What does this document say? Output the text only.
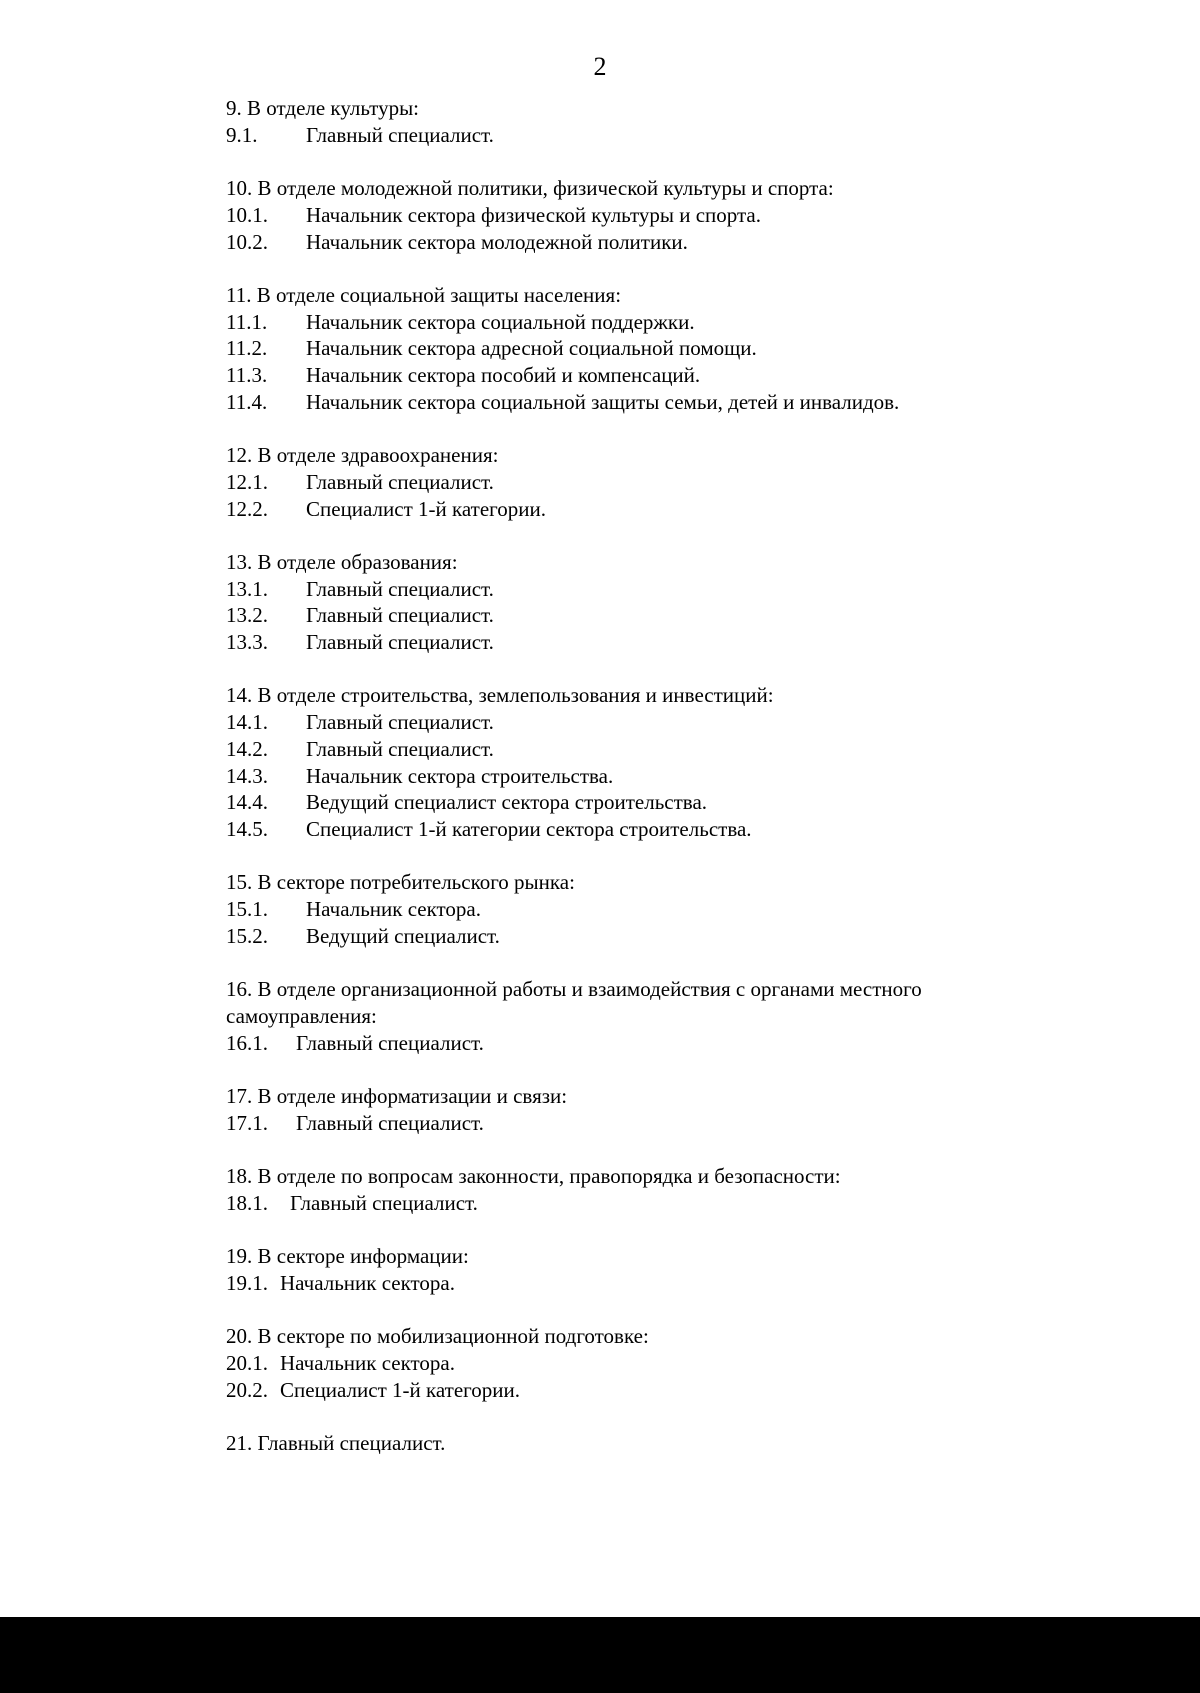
2

9. В отделе культуры:

9.1.	Главный специалист.

10. В отделе молодежной политики, физической культуры и спорта:

10.1.	Начальник сектора физической культуры и спорта.
10.2.	Начальник сектора молодежной политики.

11. В отделе социальной защиты населения:

11.1.	Начальник сектора социальной поддержки.
11.2.	Начальник сектора адресной социальной помощи.
11.3.	Начальник сектора пособий и компенсаций.
11.4.	Начальник сектора социальной защиты семьи, детей и инвалидов.

12. В отделе здравоохранения:

12.1.	Главный специалист.
12.2.	Специалист 1-й категории.

13. В отделе образования:

13.1.	Главный специалист.
13.2.	Главный специалист.
13.3.	Главный специалист.

14. В отделе строительства, землепользования и инвестиций:

14.1.	Главный специалист.
14.2.	Главный специалист.
14.3.	Начальник сектора строительства.
14.4.	Ведущий специалист сектора строительства.
14.5.	Специалист 1-й категории сектора строительства.

15. В секторе потребительского рынка:

15.1.	Начальник сектора.
15.2.	Ведущий специалист.

16. В отделе организационной работы и взаимодействия с органами местного самоуправления:

16.1.	Главный специалист.

17. В отделе информатизации и связи:

17.1.	Главный специалист.

18. В отделе по вопросам законности, правопорядка и безопасности:

18.1.	Главный специалист.

19. В секторе информации:

19.1. Начальник сектора.

20. В секторе по мобилизационной подготовке:

20.1. Начальник сектора.
20.2. Специалист 1-й категории.

21. Главный специалист.
